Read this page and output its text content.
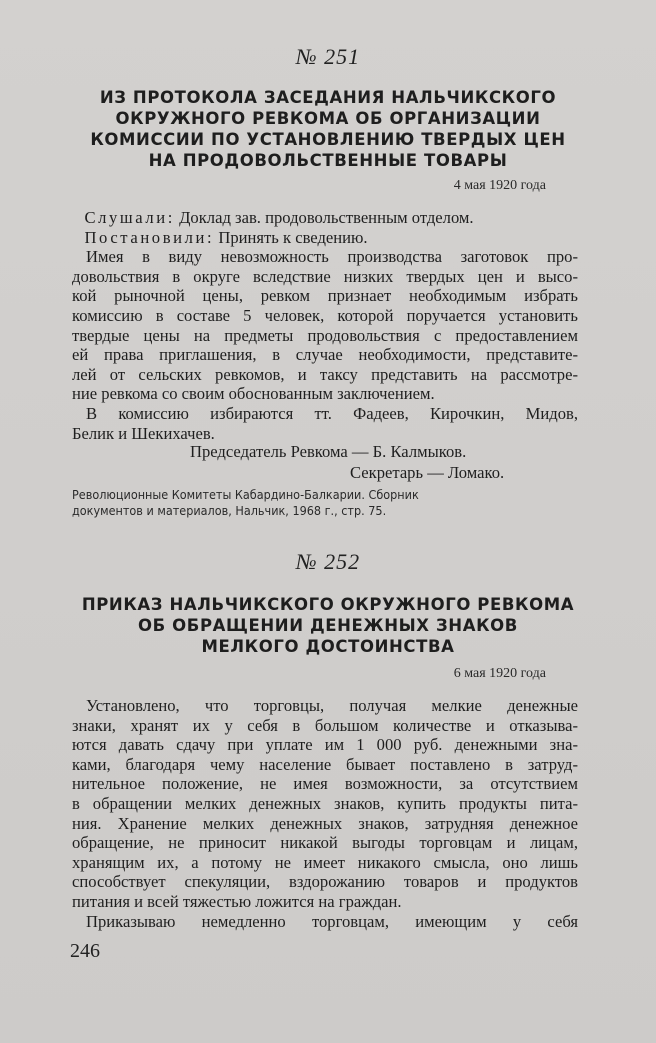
№ 251
ИЗ ПРОТОКОЛА ЗАСЕДАНИЯ НАЛЬЧИКСКОГО
ОКРУЖНОГО РЕВКОМА ОБ ОРГАНИЗАЦИИ
КОМИССИИ ПО УСТАНОВЛЕНИЮ ТВЕРДЫХ ЦЕН
НА ПРОДОВОЛЬСТВЕННЫЕ ТОВАРЫ
4 мая 1920 года
Слушали: Доклад зав. продовольственным отделом.
Постановили: Принять к сведению.
Имея в виду невозможность производства заготовок про-
довольствия в округе вследствие низких твердых цен и высо-
кой рыночной цены, ревком признает необходимым избрать
комиссию в составе 5 человек, которой поручается установить
твердые цены на предметы продовольствия с предоставлением
ей права приглашения, в случае необходимости, представите-
лей от сельских ревкомов, и таксу представить на рассмотре-
ние ревкома со своим обоснованным заключением.
В комиссию избираются тт. Фадеев, Кирочкин, Мидов,
Белик и Шекихачев.
Председатель Ревкома — Б. Калмыков.
Секретарь — Ломако.
Революционные Комитеты Кабардино-Балкарии. Сборник
документов и материалов, Нальчик, 1968 г., стр. 75.
№ 252
ПРИКАЗ НАЛЬЧИКСКОГО ОКРУЖНОГО РЕВКОМА
ОБ ОБРАЩЕНИИ ДЕНЕЖНЫХ ЗНАКОВ
МЕЛКОГО ДОСТОИНСТВА
6 мая 1920 года
Установлено, что торговцы, получая мелкие денежные
знаки, хранят их у себя в большом количестве и отказыва-
ются давать сдачу при уплате им 1 000 руб. денежными зна-
ками, благодаря чему население бывает поставлено в затруд-
нительное положение, не имея возможности, за отсутствием
в обращении мелких денежных знаков, купить продукты пита-
ния. Хранение мелких денежных знаков, затрудняя денежное
обращение, не приносит никакой выгоды торговцам и лицам,
хранящим их, а потому не имеет никакого смысла, оно лишь
способствует спекуляции, вздорожанию товаров и продуктов
питания и всей тяжестью ложится на граждан.
Приказываю немедленно торговцам, имеющим у себя
246
